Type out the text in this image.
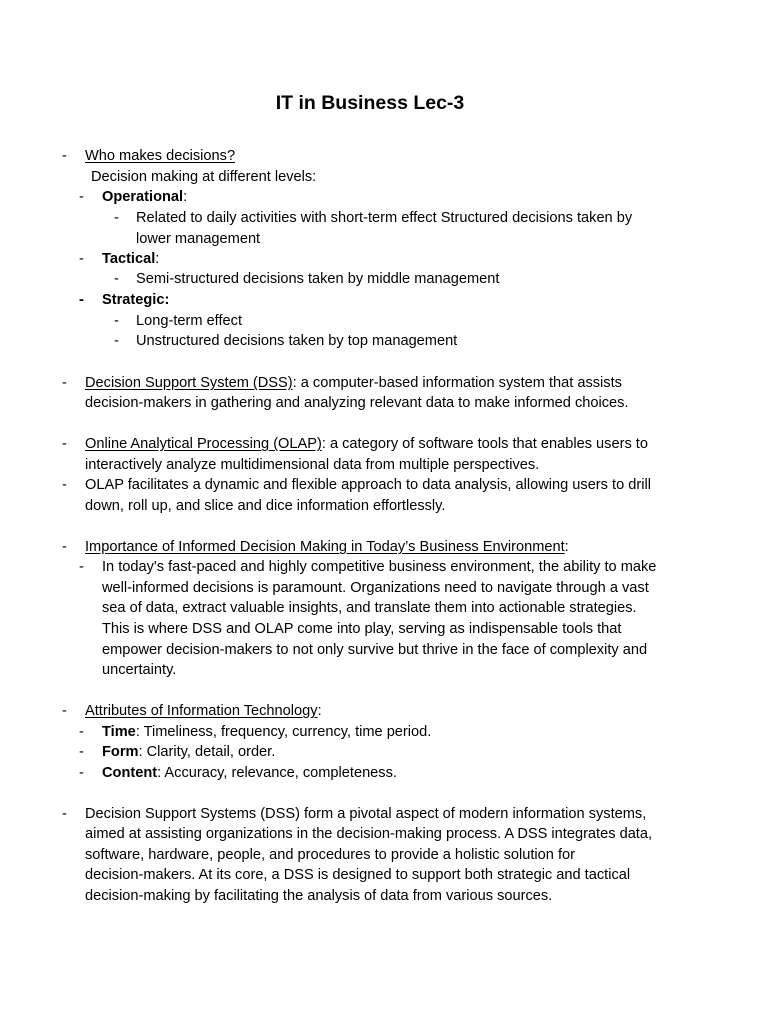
IT in Business Lec-3
- Who makes decisions?
Decision making at different levels:
- Operational:
- Related to daily activities with short-term effect Structured decisions taken by
lower management
- Tactical:
- Semi-structured decisions taken by middle management
- Strategic:
- Long-term effect
- Unstructured decisions taken by top management
- Decision Support System (DSS): a computer-based information system that assists
decision-makers in gathering and analyzing relevant data to make informed choices.
- Online Analytical Processing (OLAP): a category of software tools that enables users to
interactively analyze multidimensional data from multiple perspectives.
- OLAP facilitates a dynamic and flexible approach to data analysis, allowing users to drill
down, roll up, and slice and dice information effortlessly.
- Importance of Informed Decision Making in Today’s Business Environment:
- In today's fast-paced and highly competitive business environment, the ability to make
well-informed decisions is paramount. Organizations need to navigate through a vast
sea of data, extract valuable insights, and translate them into actionable strategies.
This is where DSS and OLAP come into play, serving as indispensable tools that
empower decision-makers to not only survive but thrive in the face of complexity and
uncertainty.
- Attributes of Information Technology:
- Time: Timeliness, frequency, currency, time period.
- Form: Clarity, detail, order.
- Content: Accuracy, relevance, completeness.
- Decision Support Systems (DSS) form a pivotal aspect of modern information systems,
aimed at assisting organizations in the decision-making process. A DSS integrates data,
software, hardware, people, and procedures to provide a holistic solution for
decision-makers. At its core, a DSS is designed to support both strategic and tactical
decision-making by facilitating the analysis of data from various sources.
